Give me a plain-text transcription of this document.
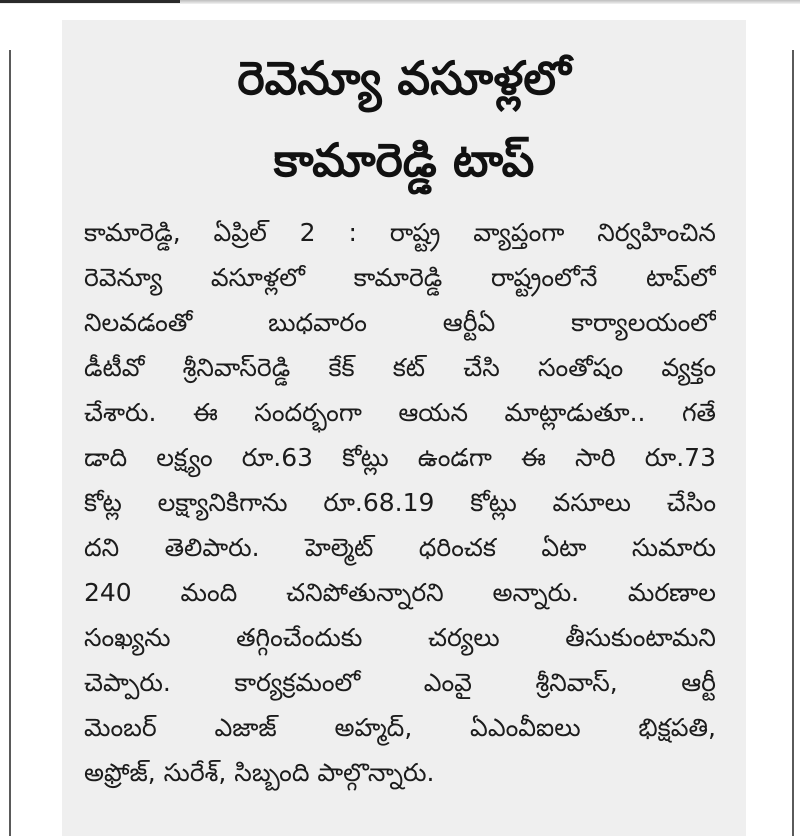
రెవెన్యూ వసూళ్లలో
కామారెడ్డి టాప్
కామారెడ్డి, ఏప్రిల్ 2 : రాష్ట్ర వ్యాప్తంగా నిర్వహించిన
రెవెన్యూ వసూళ్లలో కామారెడ్డి రాష్ట్రంలోనే టాప్‌లో
నిలవడంతో బుధవారం ఆర్టీఏ కార్యాలయంలో
డీటీవో శ్రీనివాస్‌రెడ్డి కేక్ కట్ చేసి సంతోషం వ్యక్తం
చేశారు. ఈ సందర్భంగా ఆయన మాట్లాడుతూ.. గతే
డాది లక్ష్యం రూ.63 కోట్లు ఉండగా ఈ సారి రూ.73
కోట్ల లక్ష్యానికిగాను రూ.68.19 కోట్లు వసూలు చేసిం
దని తెలిపారు. హెల్మెట్ ధరించక ఏటా సుమారు
240 మంది చనిపోతున్నారని అన్నారు. మరణాల
సంఖ్యను తగ్గించేందుకు చర్యలు తీసుకుంటామని
చెప్పారు. కార్యక్రమంలో ఎంవై శ్రీనివాస్, ఆర్టీ
మెంబర్ ఎజాజ్ అహ్మద్, ఏఎంవీఐలు భిక్షపతి,
అఫ్రోజ్, సురేశ్, సిబ్బంది పాల్గొన్నారు.
